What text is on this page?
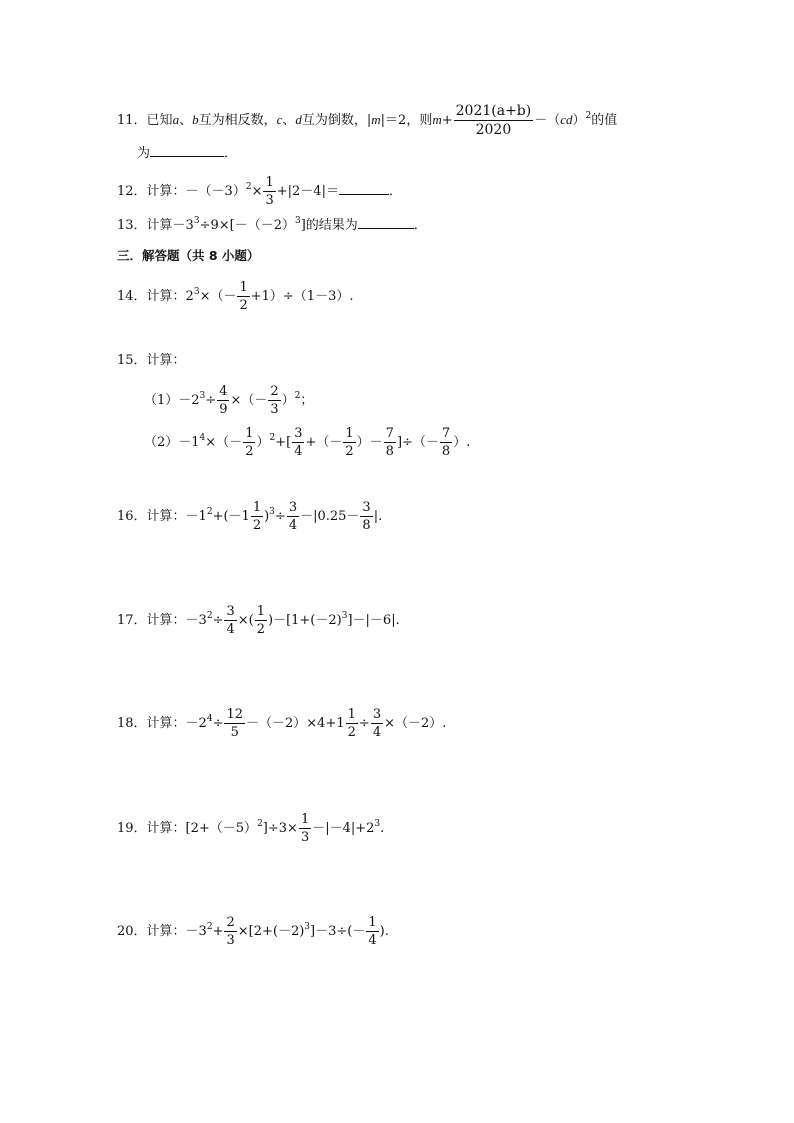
11．已知a、b互为相反数，c、d互为倒数，|m|＝2，则$m+ \frac{2021(a+b)}{2020} -(cd)^2$的值
为	．
12．计算：$-(-3)^2\times \frac{1}{3} +|2-4|=$	．
13．计算$-3^3\div 9\times[-(-2)^3]$的结果为	．
三．解答题（共 8 小题）
14．计算：$2^3\times(- \frac{1}{2} +1)\div(1-3)$.
15．计算：
$(1)-2^3\div \frac{4}{9}$ ×（－ $\frac{2}{3} )^2$；
$(2)-1^4\times(- \frac{1}{2} )^2+[ \frac{3}{4}$ +（－ $\frac{1}{2}$ ）－ $\frac{7}{8}$ ]÷（－ $\frac{7}{8}$ ）.
16．计算：$-1^2+(-1 \frac{1}{2} )^3\div \frac{3}{4} -|0.25- \frac{3}{8}$ |.
17．计算：$-3^2\div \frac{3}{4}$ ×( $\frac{1}{2} )-[1+(-2)^3]-|-6|$.
18．计算：$-2^4\div \frac{12}{5} -(-2)\times 4+1 \frac{1}{2} \div \frac{3}{4} \times(-2)$.
19．计算：$[2+(-5)^2]\div 3\times \frac{1}{3} -|-4|+2^3$.
20．计算：$-3^2+ \frac{2}{3} \times[2+(-2)^3]-3\div(- \frac{1}{4}$ ).
